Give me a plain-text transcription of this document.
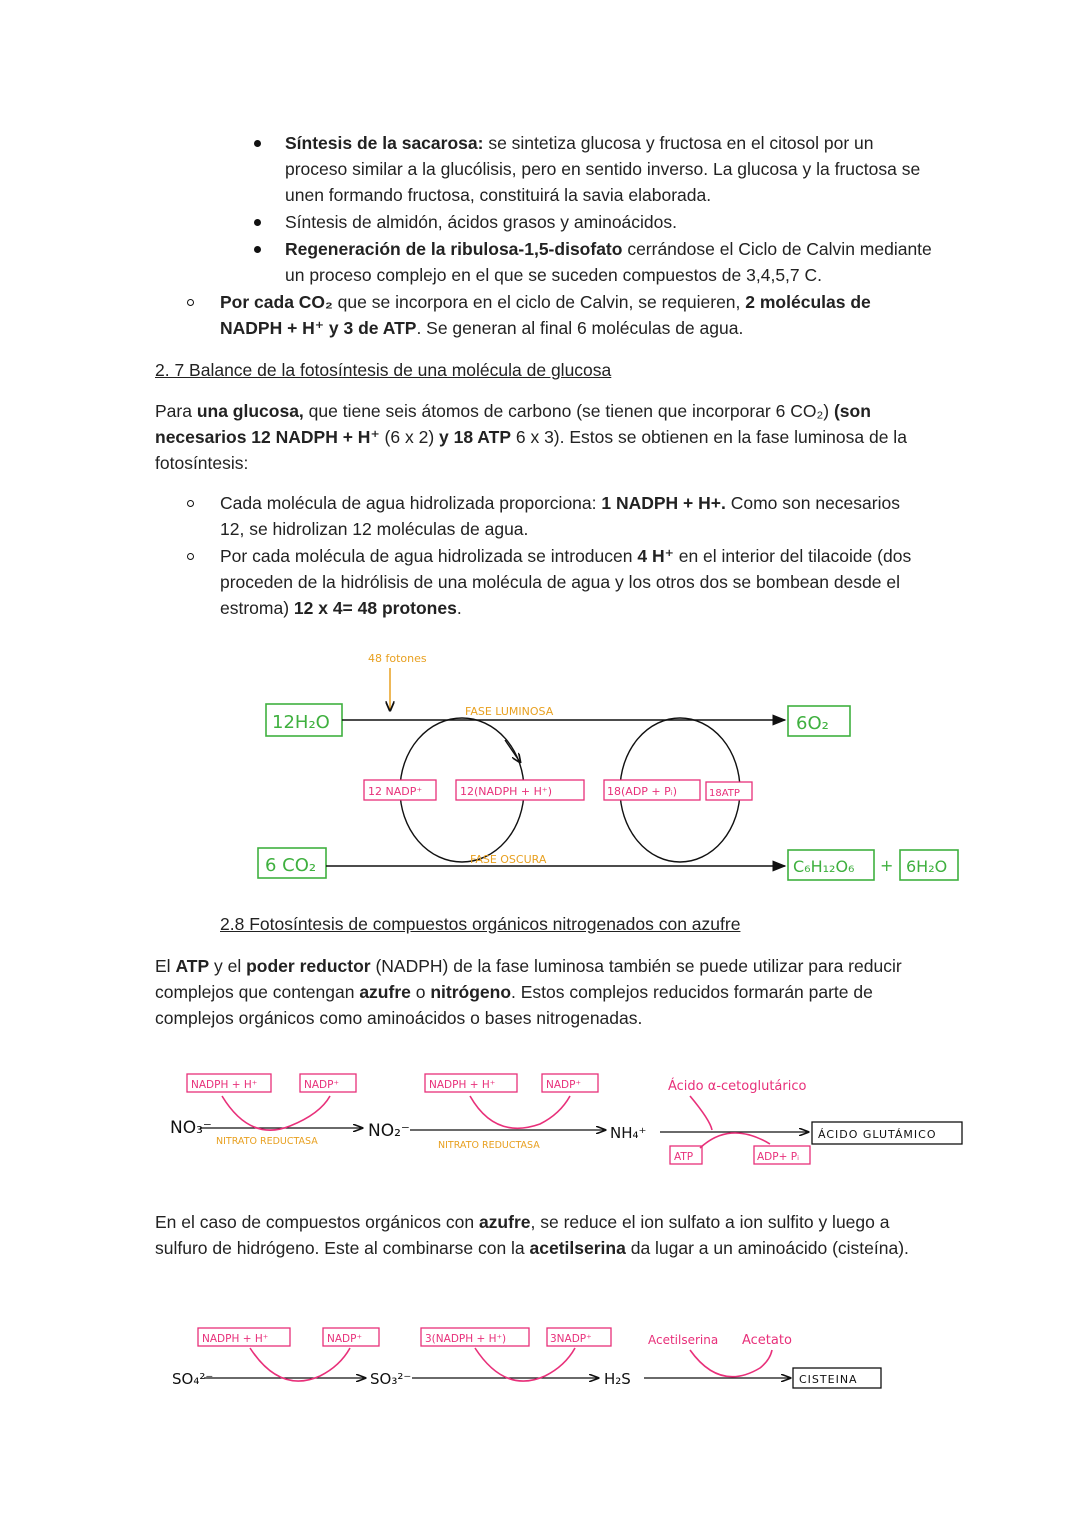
Síntesis de la sacarosa: se sintetiza glucosa y fructosa en el citosol por un proceso similar a la glucólisis, pero en sentido inverso. La glucosa y la fructosa se unen formando fructosa, constituirá la savia elaborada.
Síntesis de almidón, ácidos grasos y aminoácidos.
Regeneración de la ribulosa-1,5-disofato cerrándose el Ciclo de Calvin mediante un proceso complejo en el que se suceden compuestos de 3,4,5,7 C.
Por cada CO₂ que se incorpora en el ciclo de Calvin, se requieren, 2 moléculas de NADPH + H⁺ y 3 de ATP. Se generan al final 6 moléculas de agua.
2. 7 Balance de la fotosíntesis de una molécula de glucosa
Para una glucosa, que tiene seis átomos de carbono (se tienen que incorporar 6 CO₂) (son necesarios 12 NADPH + H⁺ (6 x 2) y 18 ATP 6 x 3). Estos se obtienen en la fase luminosa de la fotosíntesis:
Cada molécula de agua hidrolizada proporciona: 1 NADPH + H+. Como son necesarios 12, se hidrolizan 12 moléculas de agua.
Por cada molécula de agua hidrolizada se introducen 4 H⁺ en el interior del tilacoide (dos proceden de la hidrólisis de una molécula de agua y los otros dos se bombean desde el estroma) 12 x 4= 48 protones.
48 fotones
12H₂O
FASE LUMINOSA
6O₂
12 NADP⁺	12(NADPH + H⁺)	18(ADP + Pᵢ)	18ATP
6 CO₂	FASE OSCURA	C₆H₁₂O₆ + 6H₂O
2.8 Fotosíntesis de compuestos orgánicos nitrogenados con azufre
El ATP y el poder reductor (NADPH) de la fase luminosa también se puede utilizar para reducir complejos que contengan azufre o nitrógeno. Estos complejos reducidos formarán parte de complejos orgánicos como aminoácidos o bases nitrogenadas.
NO₃⁻
NADPH + H⁺	NADP⁺
NITRATO REDUCTASA
NO₂⁻
NADPH + H⁺	NADP⁺
NITRATO REDUCTASA
NH₄⁺
Ácido α-cetoglutárico
ATP	ADP+ Pᵢ
ÁCIDO GLUTÁMICO
En el caso de compuestos orgánicos con azufre, se reduce el ion sulfato a ion sulfito y luego a sulfuro de hidrógeno. Este al combinarse con la acetilserina da lugar a un aminoácido (cisteína).
SO₄²⁻
NADPH + H⁺	NADP⁺
SO₃²⁻
3(NADPH + H⁺)	3NADP⁺
H₂S
Acetilserina Acetato
CISTEINA
